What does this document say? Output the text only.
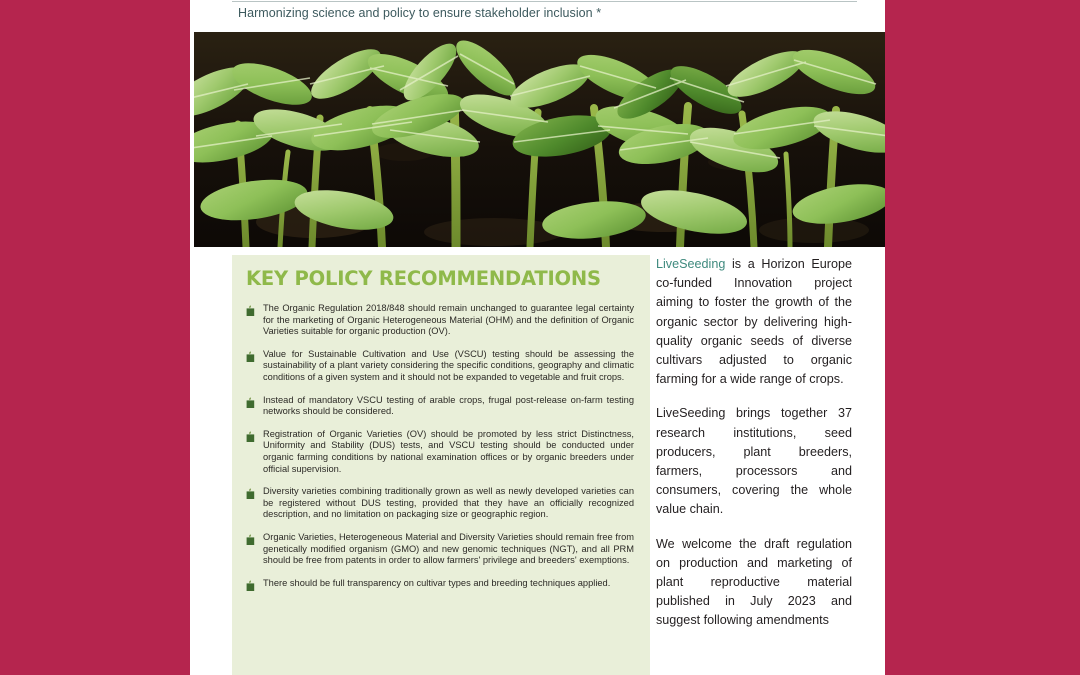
Harmonizing science and policy to ensure stakeholder inclusion *
KEY POLICY RECOMMENDATIONS
The Organic Regulation 2018/848 should remain unchanged to guarantee legal certainty for the marketing of Organic Heterogeneous Material (OHM) and the definition of Organic Varieties suitable for organic production (OV).
Value for Sustainable Cultivation and Use (VSCU) testing should be assessing the sustainability of a plant variety considering the specific conditions, geography and climatic conditions of a given system and it should not be expanded to vegetable and fruit crops.
Instead of mandatory VSCU testing of arable crops, frugal post-release on-farm testing networks should be considered.
Registration of Organic Varieties (OV) should be promoted by less strict Distinctness, Uniformity and Stability (DUS) tests, and VSCU testing should be conducted under organic farming conditions by national examination offices or by organic breeders under official supervision.
Diversity varieties combining traditionally grown as well as newly developed varieties can be registered without DUS testing, provided that they have an officially recognized description, and no limitation on packaging size or geographic region.
Organic Varieties, Heterogeneous Material and Diversity Varieties should remain free from genetically modified organism (GMO) and new genomic techniques (NGT), and all PRM should be free from patents in order to allow farmers' privilege and breeders' exemptions.
There should be full transparency on cultivar types and breeding techniques applied.

LiveSeeding is a Horizon Europe co-funded Innovation project aiming to foster the growth of the organic sector by delivering high-quality organic seeds of diverse cultivars adjusted to organic farming for a wide range of crops.

LiveSeeding brings together 37 research institutions, seed producers, plant breeders, farmers, processors and consumers, covering the whole value chain.

We welcome the draft regulation on production and marketing of plant reproductive material published in July 2023 and suggest following amendments
